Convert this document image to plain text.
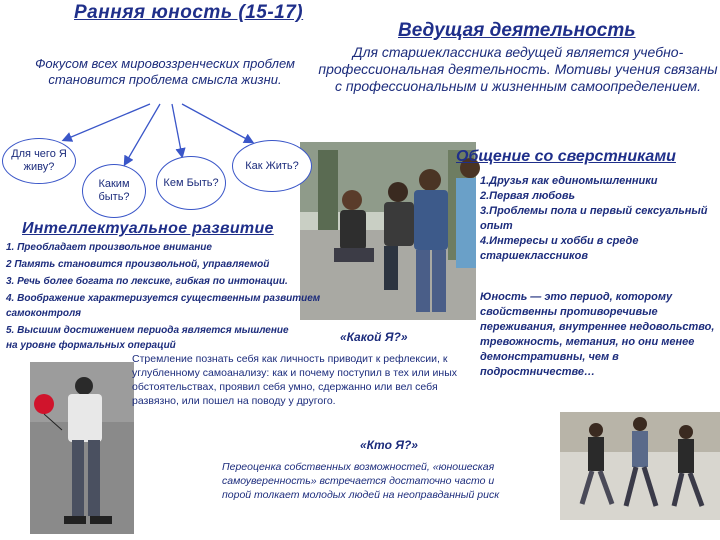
Ранняя юность (15-17)
Ведущая деятельность
Фокусом всех мировоззренческих проблем становится проблема смысла жизни.
Для старшеклассника ведущей является учебно- профессиональная деятельность. Мотивы учения связаны с профессиональным и жизненным самоопределением.
Для чего Я живу?
Каким быть?
Кем Быть?
Как Жить?
Интеллектуальное развитие
1. Преобладает произвольное внимание
2 Память становится произвольной, управляемой
3. Речь более богата по лексике, гибкая по интонации.
4. Воображение характеризуется существенным развитием самоконтроля
5. Высшим достижением периода является мышление на уровне формальных операций
Общение со сверстниками
1.Друзья как единомышленники
2.Первая любовь
3.Проблемы пола и первый сексуальный опыт
4.Интересы и хобби в среде старшеклассников
Юность — это период, которому свойственны противоречивые переживания, внутреннее недовольство, тревожность, метания, но они менее демонстративны, чем в подростничестве…
«Какой Я?»
Стремление познать себя как личность приводит к рефлексии, к углубленному самоанализу: как и почему поступил в тех или иных обстоятельствах, проявил себя умно, сдержанно или вел себя развязно, или пошел на поводу у другого.
«Кто Я?»
Переоценка собственных возможностей, «юношеская самоуверенность» встречается достаточно часто и порой толкает молодых людей на неоправданный риск
